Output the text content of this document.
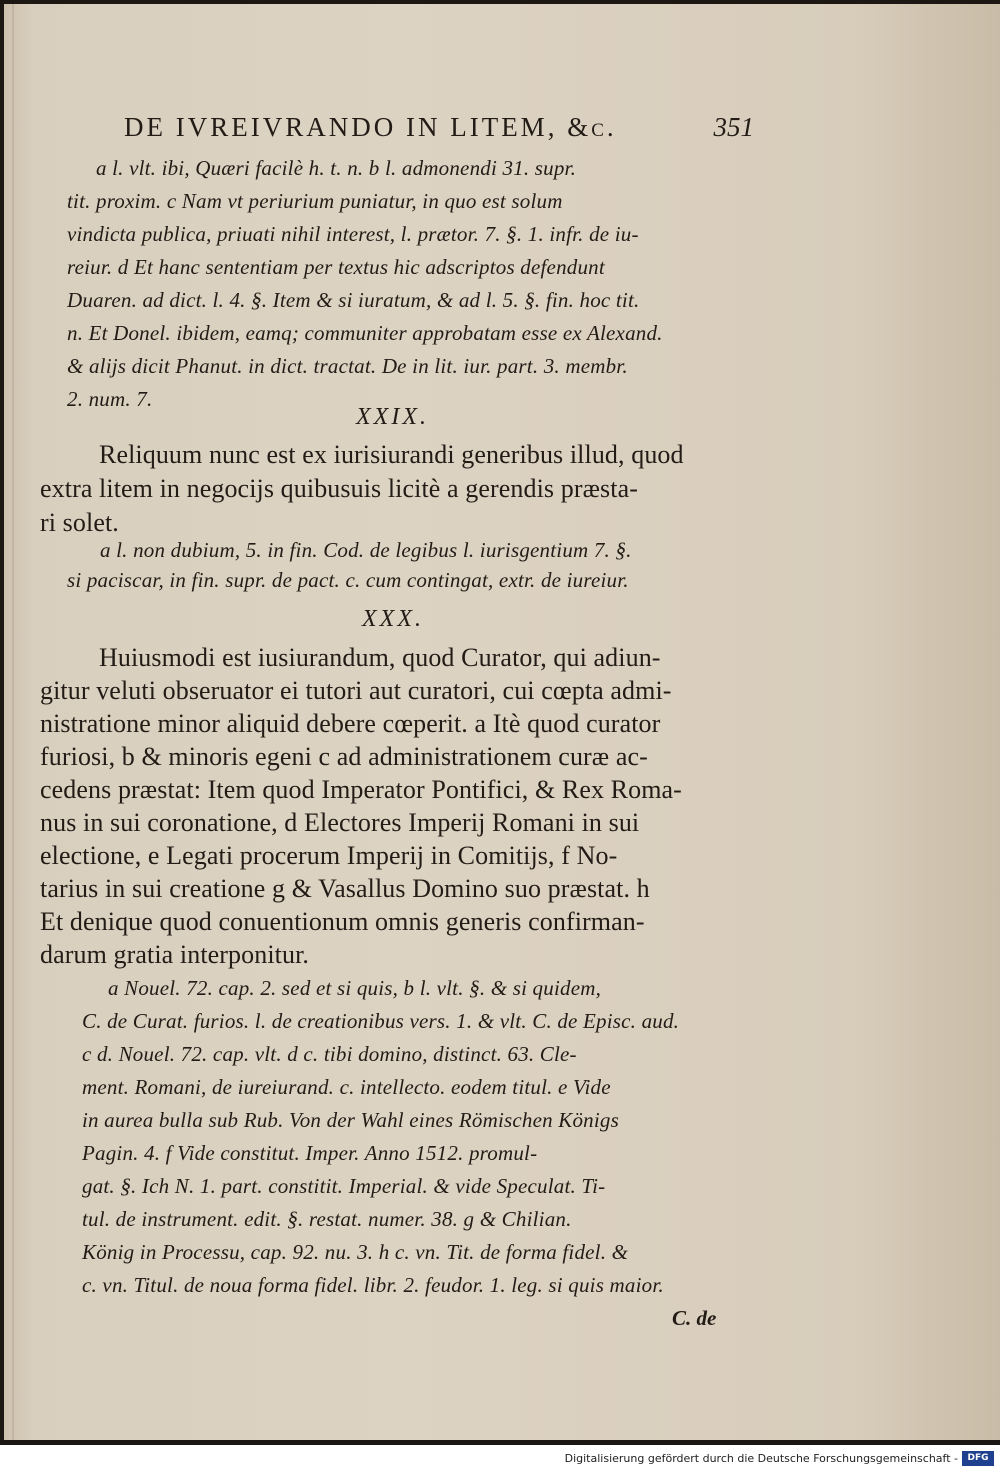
DE IVREIVRANDO IN LITEM, &c.	351
a l. vlt. ibi, Quæri facilè h. t. n. b l. admonendi 31. supr.
tit. proxim. c Nam vt periurium puniatur, in quo est solum
vindicta publica, priuati nihil interest, l. prætor. 7. §. 1. infr. de iu-
reiur. d Et hanc sententiam per textus hic adscriptos defendunt
Duaren. ad dict. l. 4. §. Item & si iuratum, & ad l. 5. §. fin. hoc tit.
n. Et Donel. ibidem, eamq; communiter approbatam esse ex Alexand.
& alijs dicit Phanut. in dict. tractat. De in lit. iur. part. 3. membr.
2. num. 7.
XXIX.
Reliquum nunc est ex iurisiurandi generibus illud, quod
extra litem in negocijs quibusuis licitè a gerendis præsta-
ri solet.
a l. non dubium, 5. in fin. Cod. de legibus l. iurisgentium 7. §.
si paciscar, in fin. supr. de pact. c. cum contingat, extr. de iureiur.
XXX.
Huiusmodi est iusiurandum, quod Curator, qui adiun-
gitur veluti obseruator ei tutori aut curatori, cui cœpta admi-
nistratione minor aliquid debere cœperit. a Itè quod curator
furiosi, b & minoris egeni c ad administrationem curæ ac-
cedens præstat: Item quod Imperator Pontifici, & Rex Roma-
nus in sui coronatione, d Electores Imperij Romani in sui
electione, e Legati procerum Imperij in Comitijs, f No-
tarius in sui creatione g & Vasallus Domino suo præstat. h
Et denique quod conuentionum omnis generis confirman-
darum gratia interponitur.
a Nouel. 72. cap. 2. sed et si quis, b l. vlt. §. & si quidem,
C. de Curat. furios. l. de creationibus vers. 1. & vlt. C. de Episc. aud.
c d. Nouel. 72. cap. vlt. d c. tibi domino, distinct. 63. Cle-
ment. Romani, de iureiurand. c. intellecto. eodem titul. e Vide
in aurea bulla sub Rub. Von der Wahl eines Römischen Königs
Pagin. 4. f Vide constitut. Imper. Anno 1512. promul-
gat. §. Ich N. 1. part. constitit. Imperial. & vide Speculat. Ti-
tul. de instrument. edit. §. restat. numer. 38. g & Chilian.
König in Processu, cap. 92. nu. 3. h c. vn. Tit. de forma fidel. &
c. vn. Titul. de noua forma fidel. libr. 2. feudor. 1. leg. si quis maior.
C. de
Digitalisierung gefördert durch die Deutsche Forschungsgemeinschaft -	DFG
